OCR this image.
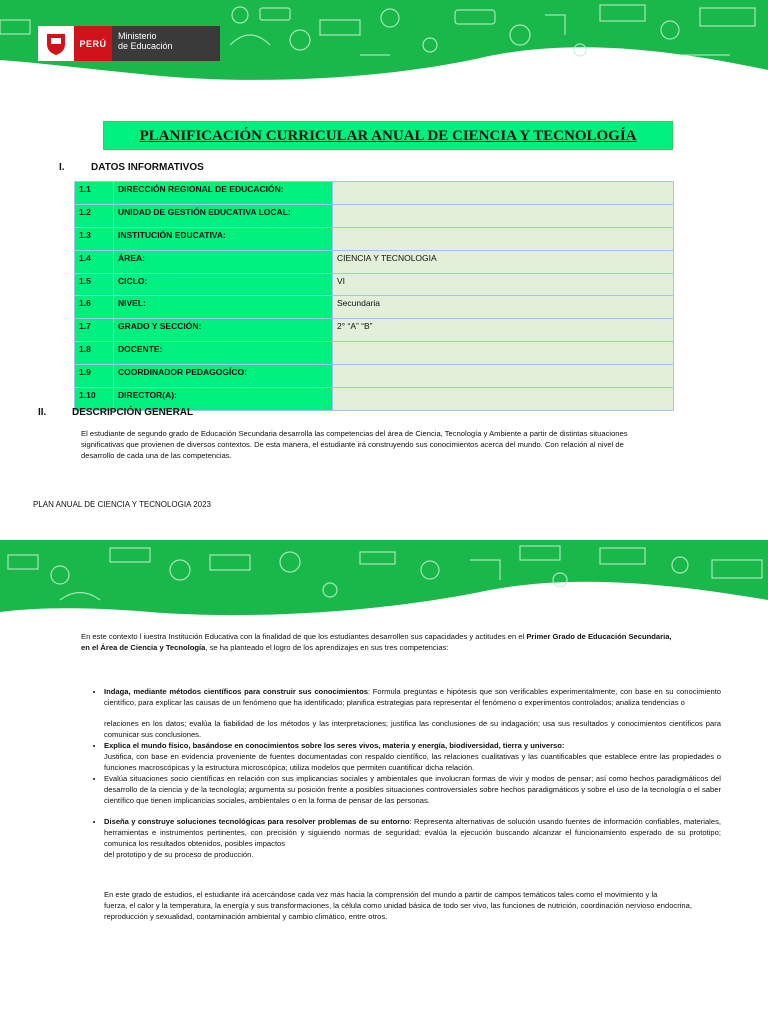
PERÚ
Ministerio
de Educación
PLANIFICACIÓN CURRICULAR ANUAL DE CIENCIA Y TECNOLOGÍA
I.	DATOS INFORMATIVOS
1.1	DIRECCIÓN REGIONAL DE EDUCACIÓN:	
1.2	UNIDAD DE GESTIÓN EDUCATIVA LOCAL:	
1.3	INSTITUCIÓN EDUCATIVA:	
1.4	ÁREA:	CIENCIA Y TECNOLOGIA
1.5	CICLO:	VI
1.6	NIVEL:	Secundaria
1.7	GRADO Y SECCIÓN:	2° “A” “B”
1.8	DOCENTE:	
1.9	COORDINADOR PEDAGOGÍCO:	
1.10	DIRECTOR(A):	
II.	DESCRIPCIÓN GENERAL
El estudiante de segundo grado de Educación Secundaria desarrolla las competencias del área de Ciencia, Tecnología y Ambiente a partir de distintas situaciones
significativas que provienen de diversos contextos. De esta manera, el estudiante irá construyendo sus conocimientos acerca del mundo. Con relación al nivel de
desarrollo de cada una de las competencias.
PLAN ANUAL DE CIENCIA Y TECNOLOGIA 2023
En este contexto l iuestra Institución Educativa con la finalidad de que los estudiantes desarrollen sus capacidades y actitudes en el Primer Grado de Educación Secundaria,
en el Área de Ciencia y Tecnología, se ha planteado el logro de los aprendizajes en sus tres competencias:
• Indaga, mediante métodos científicos para construir sus conocimientos: Formula preguntas e hipótesis que son verificables experimentalmente, con base en su conocimiento científico, para explicar las causas de un fenómeno que ha identificado; planifica estrategias para representar el fenómeno o experimentos controlados; analiza tendencias o
relaciones en los datos; evalúa la fiabilidad de los métodos y las interpretaciones; justifica las conclusiones de su indagación; usa sus resultados y conocimientos científicos para comunicar sus conclusiones.
• Explica el mundo físico, basándose en conocimientos sobre los seres vivos, materia y energía, biodiversidad, tierra y universo:
Justifica, con base en evidencia proveniente de fuentes documentadas con respaldo científico, las relaciones cualitativas y las cuantificables que establece entre las propiedades o funciones macroscópicas y la estructura microscópica; utiliza modelos que permiten cuantificar dicha relación.
• Evalúa situaciones socio científicas en relación con sus implicancias sociales y ambientales que involucran formas de vivir y modos de pensar; así como hechos paradigmáticos del desarrollo de la ciencia y de la tecnología; argumenta su posición frente a posibles situaciones controversiales sobre hechos paradigmáticos y sobre el uso de la tecnología o el saber científico que tienen implicancias sociales, ambientales o en la forma de pensar de las personas.
• Diseña y construye soluciones tecnológicas para resolver problemas de su entorno: Representa alternativas de solución usando fuentes de información confiables, materiales, herramientas e instrumentos pertinentes, con precisión y siguiendo normas de seguridad; evalúa la ejecución buscando alcanzar el funcionamiento esperado de su prototipo; comunica los resultados obtenidos, posibles impactos
del prototipo y de su proceso de producción.
En este grado de estudios, el estudiante irá acercándose cada vez más hacia la comprensión del mundo a partir de campos temáticos tales como el movimiento y la
fuerza, el calor y la temperatura, la energía y sus transformaciones, la célula como unidad básica de todo ser vivo, las funciones de nutrición, coordinación nervioso endocrina,
reproducción y sexualidad, contaminación ambiental y cambio climático, entre otros.
